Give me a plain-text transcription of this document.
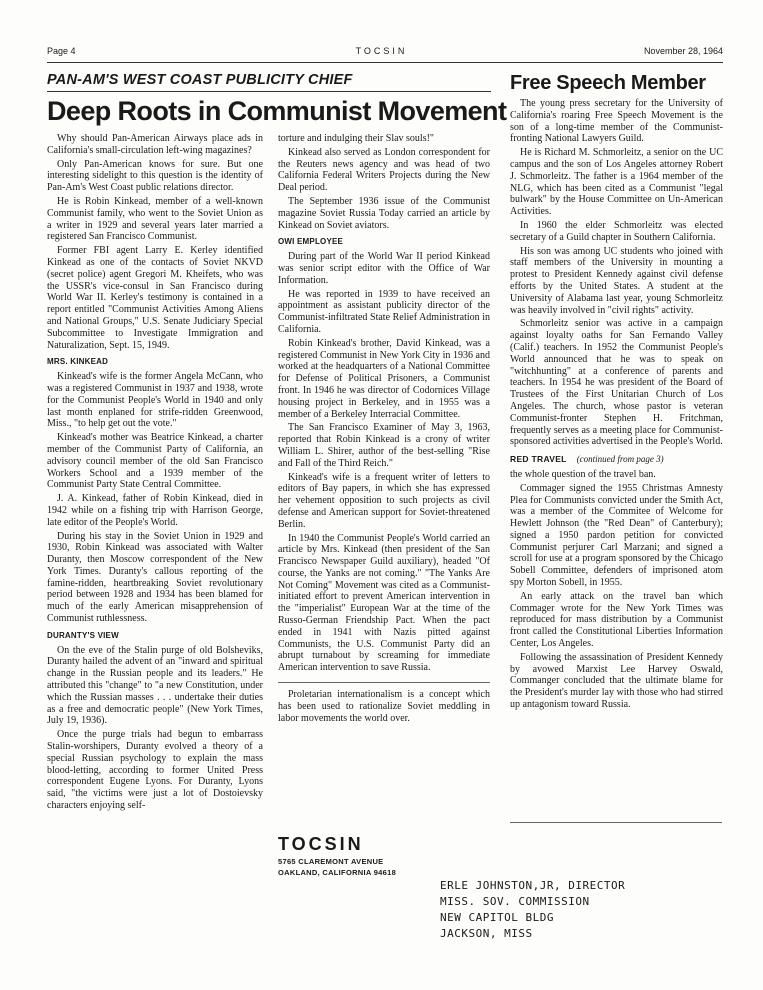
Page 4	TOCSIN	November 28, 1964
PAN-AM'S WEST COAST PUBLICITY CHIEF
Deep Roots in Communist Movement
Free Speech Member

Why should Pan-American Airways place ads in California's small-circulation left-wing magazines?

Only Pan-American knows for sure. But one interesting sidelight to this question is the identity of Pan-Am's West Coast public relations director.

He is Robin Kinkead, member of a well-known Communist family, who went to the Soviet Union as a writer in 1929 and several years later married a registered San Francisco Communist.

Former FBI agent Larry E. Kerley identified Kinkead as one of the contacts of Soviet NKVD (secret police) agent Gregori M. Kheifets, who was the USSR's vice-consul in San Francisco during World War II. Kerley's testimony is contained in a report entitled "Communist Activities Among Aliens and National Groups," U.S. Senate Judiciary Special Subcommittee to Investigate Immigration and Naturalization, Sept. 15, 1949.

MRS. KINKEAD

Kinkead's wife is the former Angela McCann, who was a registered Communist in 1937 and 1938, wrote for the Communist People's World in 1940 and only last month enplaned for strife-ridden Greenwood, Miss., "to help get out the vote."

Kinkead's mother was Beatrice Kinkead, a charter member of the Communist Party of California, an advisory council member of the old San Francisco Workers School and a 1939 member of the Communist Party State Central Committee.

J. A. Kinkead, father of Robin Kinkead, died in 1942 while on a fishing trip with Harrison George, late editor of the People's World.

During his stay in the Soviet Union in 1929 and 1930, Robin Kinkead was associated with Walter Duranty, then Moscow correspondent of the New York Times. Duranty's callous reporting of the famine-ridden, heartbreaking Soviet revolutionary period between 1928 and 1934 has been blamed for much of the early American misapprehension of Communist ruthlessness.

DURANTY'S VIEW

On the eve of the Stalin purge of old Bolsheviks, Duranty hailed the advent of an "inward and spiritual change in the Russian people and its leaders." He attributed this "change" to "a new Constitution, under which the Russian masses . . . undertake their duties as a free and democratic people" (New York Times, July 19, 1936).

Once the purge trials had begun to embarrass Stalin-worshipers, Duranty evolved a theory of a special Russian psychology to explain the mass blood-letting, according to former United Press correspondent Eugene Lyons. For Duranty, Lyons said, "the victims were just a lot of Dostoievsky characters enjoying self-

torture and indulging their Slav souls!"

Kinkead also served as London correspondent for the Reuters news agency and was head of two California Federal Writers Projects during the New Deal period.

The September 1936 issue of the Communist magazine Soviet Russia Today carried an article by Kinkead on Soviet aviators.

OWI EMPLOYEE

During part of the World War II period Kinkead was senior script editor with the Office of War Information.

He was reported in 1939 to have received an appointment as assistant publicity director of the Communist-infiltrated State Relief Administration in California.

Robin Kinkead's brother, David Kinkead, was a registered Communist in New York City in 1936 and worked at the headquarters of a National Committee for Defense of Political Prisoners, a Communist front. In 1946 he was director of Codornices Village housing project in Berkeley, and in 1955 was a member of a Berkeley Interracial Committee.

The San Francisco Examiner of May 3, 1963, reported that Robin Kinkead is a crony of writer William L. Shirer, author of the best-selling "Rise and Fall of the Third Reich."

Kinkead's wife is a frequent writer of letters to editors of Bay papers, in which she has expressed her vehement opposition to such projects as civil defense and American support for Soviet-threatened Berlin.

In 1940 the Communist People's World carried an article by Mrs. Kinkead (then president of the San Francisco Newspaper Guild auxiliary), headed "Of course, the Yanks are not coming." "The Yanks Are Not Coming" Movement was cited as a Communist-initiated effort to prevent American intervention in the "imperialist" European War at the time of the Russo-German Friendship Pact. When the pact ended in 1941 with Nazis pitted against Communists, the U.S. Communist Party did an abrupt turnabout by screaming for immediate American intervention to save Russia.

Proletarian internationalism is a concept which has been used to rationalize Soviet meddling in labor movements the world over.

The young press secretary for the University of California's roaring Free Speech Movement is the son of a long-time member of the Communist-fronting National Lawyers Guild.

He is Richard M. Schmorleitz, a senior on the UC campus and the son of Los Angeles attorney Robert J. Schmorleitz. The father is a 1964 member of the NLG, which has been cited as a Communist "legal bulwark" by the House Committee on Un-American Activities.

In 1960 the elder Schmorleitz was elected secretary of a Guild chapter in Southern California.

His son was among UC students who joined with staff members of the University in mounting a protest to President Kennedy against civil defense efforts by the United States. A student at the University of Alabama last year, young Schmorleitz was heavily involved in "civil rights" activity.

Schmorleitz senior was active in a campaign against loyalty oaths for San Fernando Valley (Calif.) teachers. In 1952 the Communist People's World announced that he was to speak on "witchhunting" at a conference of parents and teachers. In 1954 he was president of the Board of Trustees of the First Unitarian Church of Los Angeles. The church, whose pastor is veteran Communist-fronter Stephen H. Fritchman, frequently serves as a meeting place for Communist-sponsored activities advertised in the People's World.

RED TRAVEL (continued from page 3)

the whole question of the travel ban.

Commager signed the 1955 Christmas Amnesty Plea for Communists convicted under the Smith Act, was a member of the Commitee of Welcome for Hewlett Johnson (the "Red Dean" of Canterbury); signed a 1950 pardon petition for convicted Communist perjurer Carl Marzani; and signed a scroll for use at a program sponsored by the Chicago Sobell Committee, defenders of imprisoned atom spy Morton Sobell, in 1955.

An early attack on the travel ban which Commager wrote for the New York Times was reproduced for mass distribution by a Communist front called the Constitutional Liberties Information Center, Los Angeles.

Following the assassination of President Kennedy by avowed Marxist Lee Harvey Oswald, Commanger concluded that the ultimate blame for the President's murder lay with those who had stirred up antagonism toward Russia.

TOCSIN
5765 CLAREMONT AVENUE
OAKLAND, CALIFORNIA 94618
ERLE JOHNSTON,JR, DIRECTOR
MISS. SOV. COMMISSION
NEW CAPITOL BLDG
JACKSON, MISS
